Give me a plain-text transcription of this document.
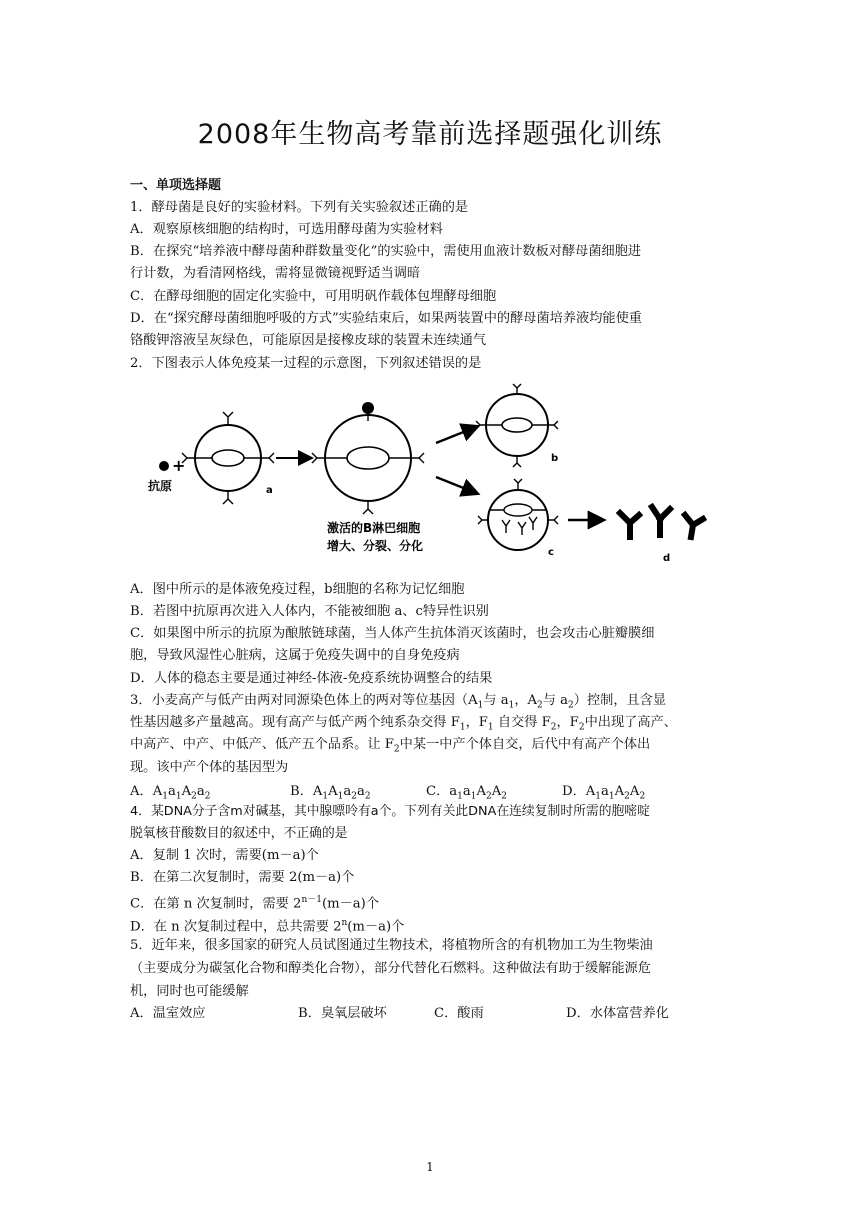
2008年生物高考靠前选择题强化训练
一、单项选择题
1．酵母菌是良好的实验材料。下列有关实验叙述正确的是
A．观察原核细胞的结构时，可选用酵母菌为实验材料
B．在探究“培养液中酵母菌种群数量变化”的实验中，需使用血液计数板对酵母菌细胞进
行计数，为看清网格线，需将显微镜视野适当调暗
C．在酵母细胞的固定化实验中，可用明矾作载体包埋酵母细胞
D．在“探究酵母菌细胞呼吸的方式”实验结束后，如果两装置中的酵母菌培养液均能使重
铬酸钾溶液呈灰绿色，可能原因是接橡皮球的装置未连续通气
2．下图表示人体免疫某一过程的示意图，下列叙述错误的是
+
抗原	a
激活的B淋巴细胞
增大、分裂、分化
b
c
d
A．图中所示的是体液免疫过程，b细胞的名称为记忆细胞
B．若图中抗原再次进入人体内，不能被细胞 a、c特异性识别
C．如果图中所示的抗原为酿脓链球菌，当人体产生抗体消灭该菌时，也会攻击心脏瓣膜细
胞，导致风湿性心脏病，这属于免疫失调中的自身免疫病
D．人体的稳态主要是通过神经-体液-免疫系统协调整合的结果
3．小麦高产与低产由两对同源染色体上的两对等位基因（$A_1$与 $a_1$，$A_2$与 $a_2$）控制，且含显
性基因越多产量越高。现有高产与低产两个纯系杂交得 $F_1$，$F_1$ 自交得 $F_2$，$F_2$中出现了高产、
中高产、中产、中低产、低产五个品系。让 $F_2$中某一中产个体自交，后代中有高产个体出
现。该中产个体的基因型为
A．$A_1a_1A_2a_2$	B．$A_1A_1a_2a_2$	C．$a_1a_1A_2A_2$	D．$A_1a_1A_2A_2$
4．某DNA分子含m对碱基，其中腺嘌呤有a个。下列有关此DNA在连续复制时所需的胞嘧啶
脱氧核苷酸数目的叙述中，不正确的是
A．复制 1 次时，需要(m－a)个
B．在第二次复制时，需要 2(m－a)个
C．在第 n 次复制时，需要 $2^{n-1}(m-a)$个
D．在 n 次复制过程中，总共需要 $2^n(m-a)$个
5．近年来，很多国家的研究人员试图通过生物技术，将植物所含的有机物加工为生物柴油
（主要成分为碳氢化合物和醇类化合物），部分代替化石燃料。这种做法有助于缓解能源危
机，同时也可能缓解
A．温室效应	B．臭氧层破坏	C．酸雨	D．水体富营养化
1
